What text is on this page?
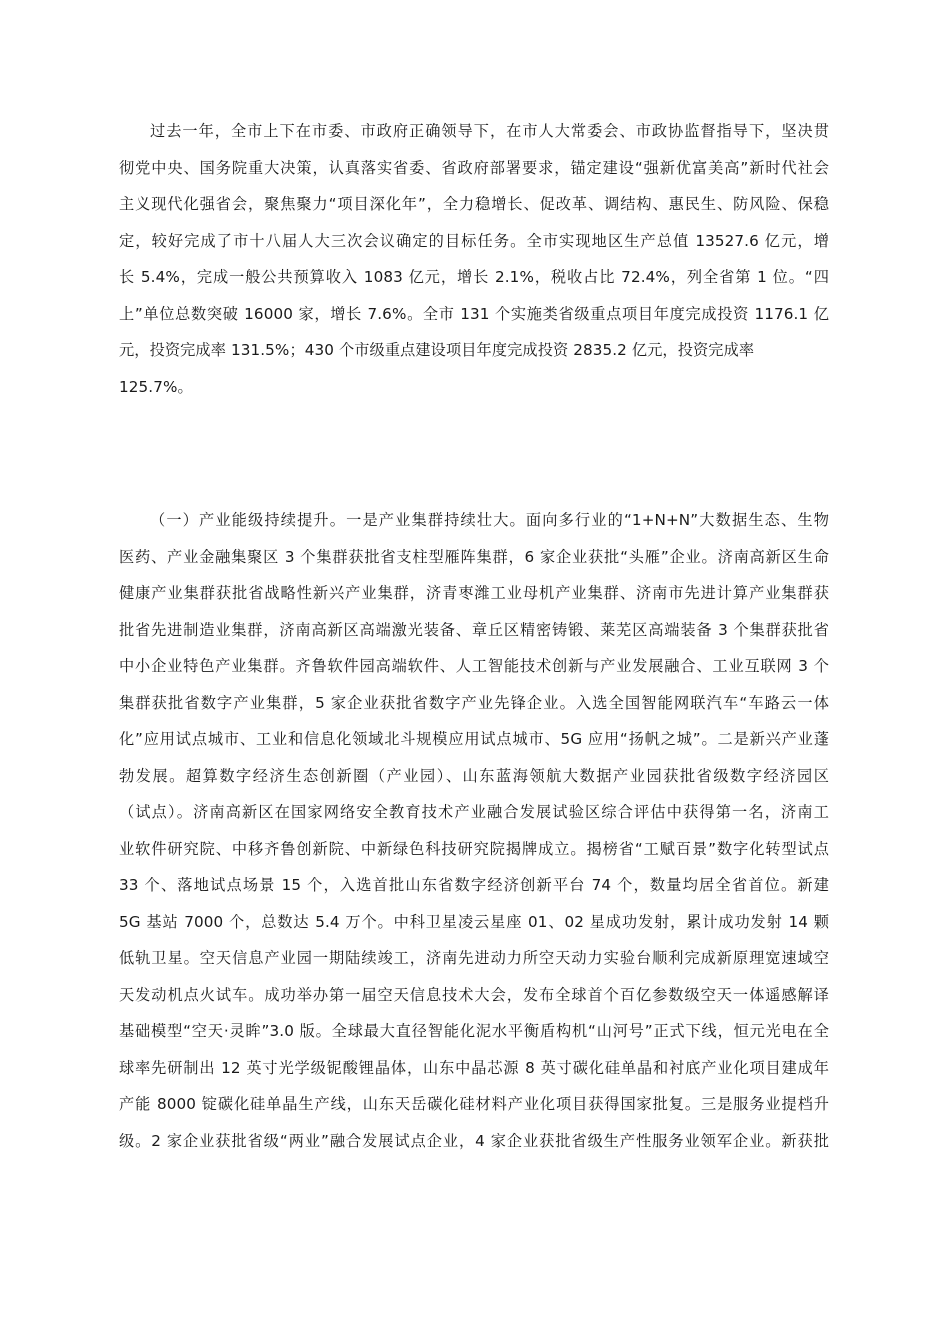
过去一年，全市上下在市委、市政府正确领导下，在市人大常委会、市政协监督指导下，坚决贯
彻党中央、国务院重大决策，认真落实省委、省政府部署要求，锚定建设“强新优富美高”新时代社会
主义现代化强省会，聚焦聚力“项目深化年”，全力稳增长、促改革、调结构、惠民生、防风险、保稳
定，较好完成了市十八届人大三次会议确定的目标任务。全市实现地区生产总值 13527.6 亿元，增
长 5.4%，完成一般公共预算收入 1083 亿元，增长 2.1%，税收占比 72.4%，列全省第 1 位。“四
上”单位总数突破 16000 家，增长 7.6%。全市 131 个实施类省级重点项目年度完成投资 1176.1 亿
元，投资完成率 131.5%；430 个市级重点建设项目年度完成投资 2835.2 亿元，投资完成率
125.7%。
（一）产业能级持续提升。一是产业集群持续壮大。面向多行业的“1+N+N”大数据生态、生物
医药、产业金融集聚区 3 个集群获批省支柱型雁阵集群，6 家企业获批“头雁”企业。济南高新区生命
健康产业集群获批省战略性新兴产业集群，济青枣潍工业母机产业集群、济南市先进计算产业集群获
批省先进制造业集群，济南高新区高端激光装备、章丘区精密铸锻、莱芜区高端装备 3 个集群获批省
中小企业特色产业集群。齐鲁软件园高端软件、人工智能技术创新与产业发展融合、工业互联网 3 个
集群获批省数字产业集群，5 家企业获批省数字产业先锋企业。入选全国智能网联汽车“车路云一体
化”应用试点城市、工业和信息化领域北斗规模应用试点城市、5G 应用“扬帆之城”。二是新兴产业蓬
勃发展。超算数字经济生态创新圈（产业园）、山东蓝海领航大数据产业园获批省级数字经济园区
（试点）。济南高新区在国家网络安全教育技术产业融合发展试验区综合评估中获得第一名，济南工
业软件研究院、中移齐鲁创新院、中新绿色科技研究院揭牌成立。揭榜省“工赋百景”数字化转型试点
33 个、落地试点场景 15 个，入选首批山东省数字经济创新平台 74 个，数量均居全省首位。新建
5G 基站 7000 个，总数达 5.4 万个。中科卫星凌云星座 01、02 星成功发射，累计成功发射 14 颗
低轨卫星。空天信息产业园一期陆续竣工，济南先进动力所空天动力实验台顺利完成新原理宽速域空
天发动机点火试车。成功举办第一届空天信息技术大会，发布全球首个百亿参数级空天一体遥感解译
基础模型“空天·灵眸”3.0 版。全球最大直径智能化泥水平衡盾构机“山河号”正式下线，恒元光电在全
球率先研制出 12 英寸光学级铌酸锂晶体，山东中晶芯源 8 英寸碳化硅单晶和衬底产业化项目建成年
产能 8000 锭碳化硅单晶生产线，山东天岳碳化硅材料产业化项目获得国家批复。三是服务业提档升
级。2 家企业获批省级“两业”融合发展试点企业，4 家企业获批省级生产性服务业领军企业。新获批
